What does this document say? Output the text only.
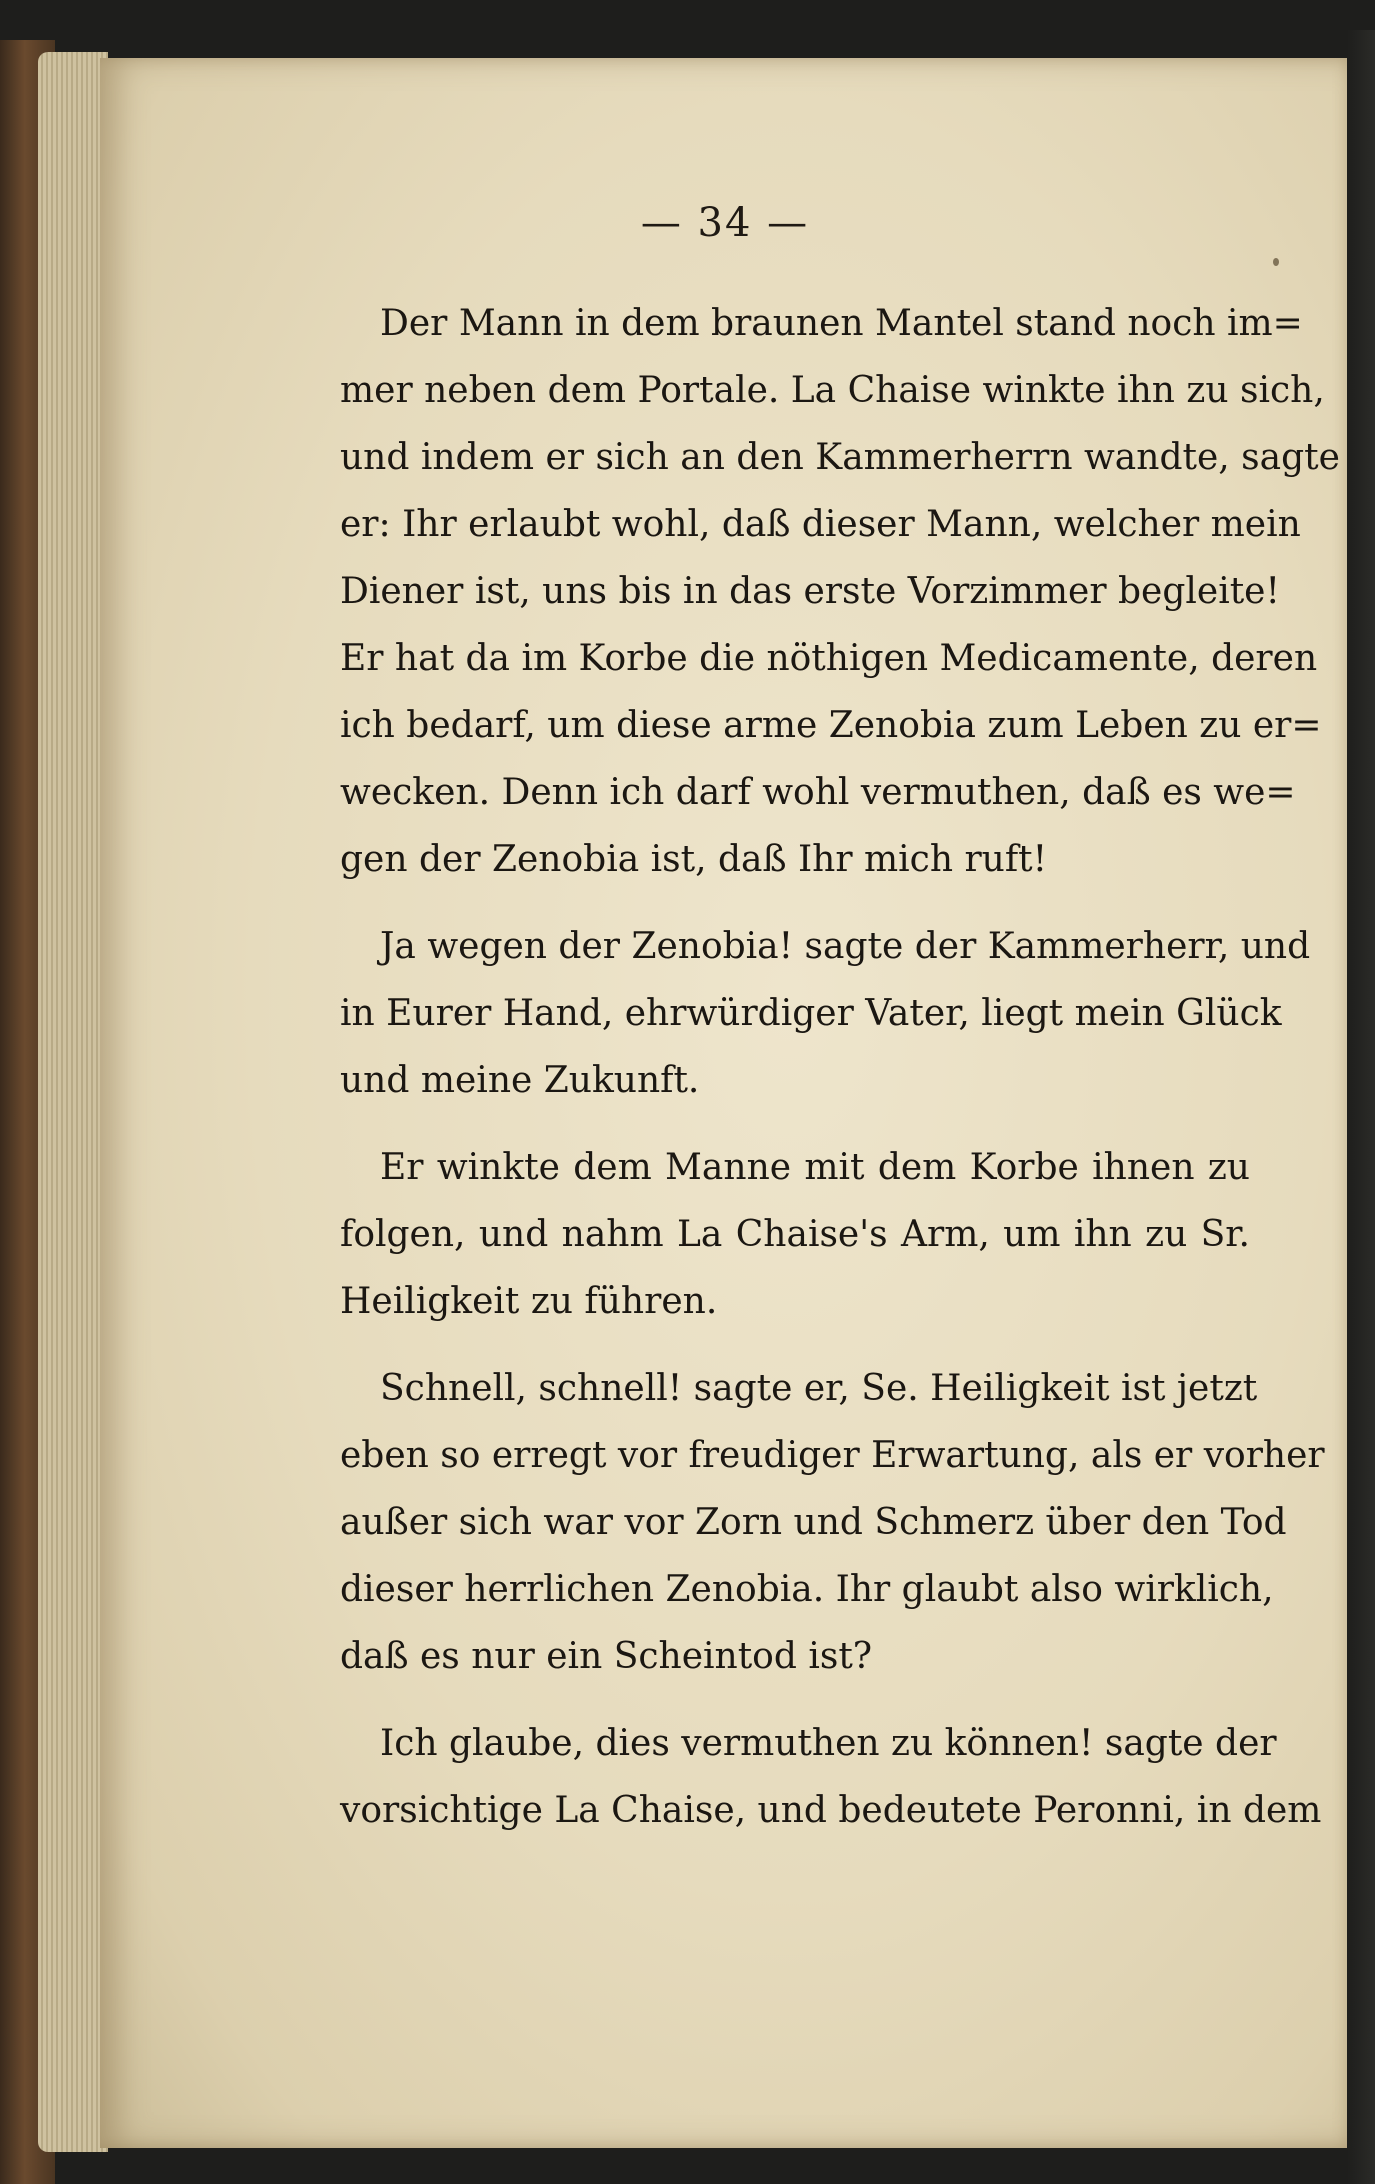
— 34 —
Der Mann in dem braunen Mantel stand noch im=
mer neben dem Portale. La Chaise winkte ihn zu sich,
und indem er sich an den Kammerherrn wandte, sagte
er: Ihr erlaubt wohl, daß dieser Mann, welcher mein
Diener ist, uns bis in das erste Vorzimmer begleite!
Er hat da im Korbe die nöthigen Medicamente, deren
ich bedarf, um diese arme Zenobia zum Leben zu er=
wecken. Denn ich darf wohl vermuthen, daß es we=
gen der Zenobia ist, daß Ihr mich ruft!
Ja wegen der Zenobia! sagte der Kammerherr, und
in Eurer Hand, ehrwürdiger Vater, liegt mein Glück
und meine Zukunft.
Er winkte dem Manne mit dem Korbe ihnen zu
folgen, und nahm La Chaise's Arm, um ihn zu Sr.
Heiligkeit zu führen.
Schnell, schnell! sagte er, Se. Heiligkeit ist jetzt
eben so erregt vor freudiger Erwartung, als er vorher
außer sich war vor Zorn und Schmerz über den Tod
dieser herrlichen Zenobia. Ihr glaubt also wirklich,
daß es nur ein Scheintod ist?
Ich glaube, dies vermuthen zu können! sagte der
vorsichtige La Chaise, und bedeutete Peronni, in dem
